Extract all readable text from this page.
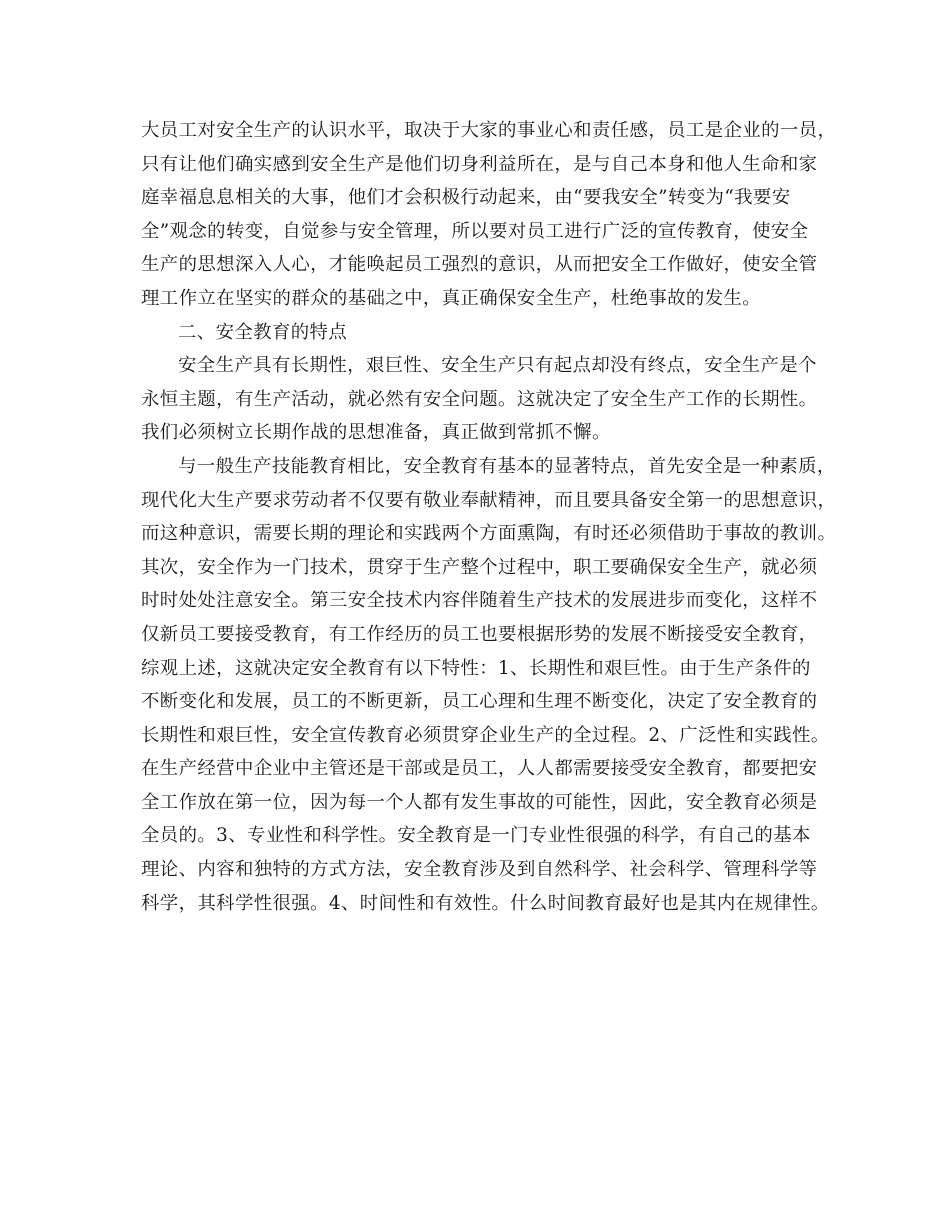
大员工对安全生产的认识水平，取决于大家的事业心和责任感，员工是企业的一员，
只有让他们确实感到安全生产是他们切身利益所在，是与自己本身和他人生命和家
庭幸福息息相关的大事，他们才会积极行动起来，由“要我安全”转变为“我要安
全”观念的转变，自觉参与安全管理，所以要对员工进行广泛的宣传教育，使安全
生产的思想深入人心，才能唤起员工强烈的意识，从而把安全工作做好，使安全管
理工作立在坚实的群众的基础之中，真正确保安全生产，杜绝事故的发生。
二、安全教育的特点
安全生产具有长期性，艰巨性、安全生产只有起点却没有终点，安全生产是个
永恒主题，有生产活动，就必然有安全问题。这就决定了安全生产工作的长期性。
我们必须树立长期作战的思想准备，真正做到常抓不懈。
与一般生产技能教育相比，安全教育有基本的显著特点，首先安全是一种素质，
现代化大生产要求劳动者不仅要有敬业奉献精神，而且要具备安全第一的思想意识，
而这种意识，需要长期的理论和实践两个方面熏陶，有时还必须借助于事故的教训。
其次，安全作为一门技术，贯穿于生产整个过程中，职工要确保安全生产，就必须
时时处处注意安全。第三安全技术内容伴随着生产技术的发展进步而变化，这样不
仅新员工要接受教育，有工作经历的员工也要根据形势的发展不断接受安全教育，
综观上述，这就决定安全教育有以下特性：1、长期性和艰巨性。由于生产条件的
不断变化和发展，员工的不断更新，员工心理和生理不断变化，决定了安全教育的
长期性和艰巨性，安全宣传教育必须贯穿企业生产的全过程。2、广泛性和实践性。
在生产经营中企业中主管还是干部或是员工，人人都需要接受安全教育，都要把安
全工作放在第一位，因为每一个人都有发生事故的可能性，因此，安全教育必须是
全员的。3、专业性和科学性。安全教育是一门专业性很强的科学，有自己的基本
理论、内容和独特的方式方法，安全教育涉及到自然科学、社会科学、管理科学等
科学，其科学性很强。4、时间性和有效性。什么时间教育最好也是其内在规律性。
